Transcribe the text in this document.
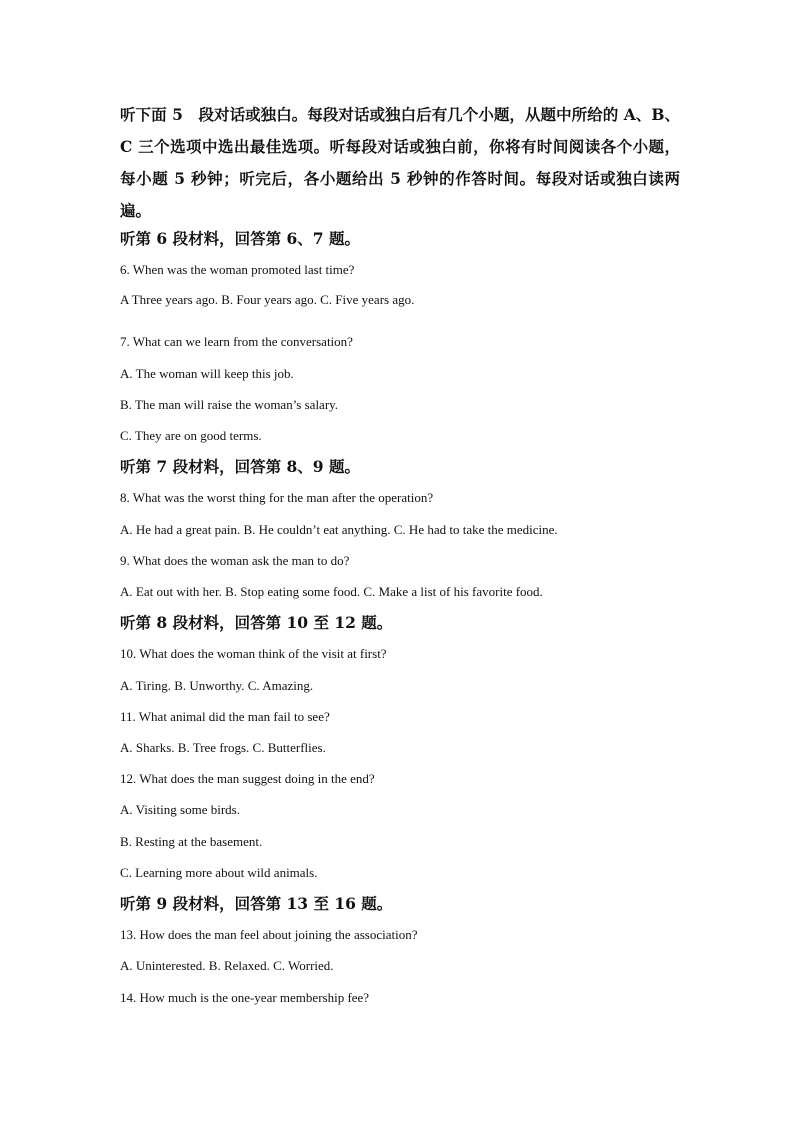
听下面 5　段对话或独白。每段对话或独白后有几个小题，从题中所给的 A、B、C 三个选项中选出最佳选项。听每段对话或独白前，你将有时间阅读各个小题，每小题 5 秒钟；听完后，各小题给出 5 秒钟的作答时间。每段对话或独白读两遍。
听第 6 段材料，回答第 6、7 题。
6. When was the woman promoted last time?
A Three years ago. B. Four years ago. C. Five years ago.
7. What can we learn from the conversation?
A. The woman will keep this job.
B. The man will raise the woman’s salary.
C. They are on good terms.
听第 7 段材料，回答第 8、9 题。
8. What was the worst thing for the man after the operation?
A. He had a great pain. B. He couldn’t eat anything. C. He had to take the medicine.
9. What does the woman ask the man to do?
A. Eat out with her. B. Stop eating some food. C. Make a list of his favorite food.
听第 8 段材料，回答第 10 至 12 题。
10. What does the woman think of the visit at first?
A. Tiring. B. Unworthy. C. Amazing.
11. What animal did the man fail to see?
A. Sharks. B. Tree frogs. C. Butterflies.
12. What does the man suggest doing in the end?
A. Visiting some birds.
B. Resting at the basement.
C. Learning more about wild animals.
听第 9 段材料，回答第 13 至 16 题。
13. How does the man feel about joining the association?
A. Uninterested. B. Relaxed. C. Worried.
14. How much is the one-year membership fee?
